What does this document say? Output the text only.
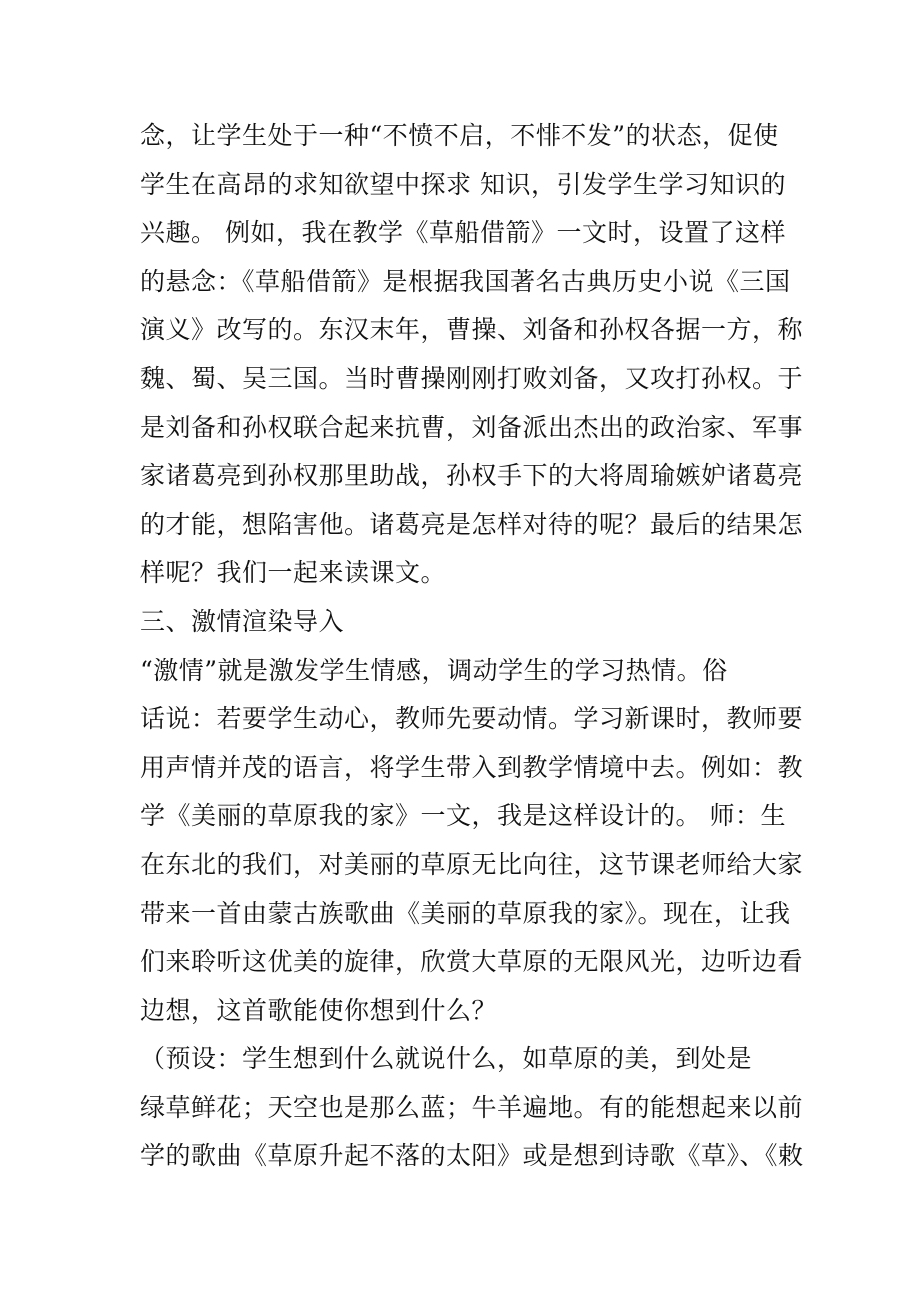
念，让学生处于一种“不愤不启，不悱不发”的状态，促使
学生在高昂的求知欲望中探求 知识，引发学生学习知识的
兴趣。 例如，我在教学《草船借箭》一文时，设置了这样
的悬念：《草船借箭》是根据我国著名古典历史小说《三国
演义》改写的。东汉末年，曹操、刘备和孙权各据一方，称
魏、蜀、吴三国。当时曹操刚刚打败刘备，又攻打孙权。于
是刘备和孙权联合起来抗曹，刘备派出杰出的政治家、军事
家诸葛亮到孙权那里助战，孙权手下的大将周瑜嫉妒诸葛亮
的才能，想陷害他。诸葛亮是怎样对待的呢？最后的结果怎
样呢？我们一起来读课文。
三、激情渲染导入
“激情”就是激发学生情感，调动学生的学习热情。俗
话说：若要学生动心，教师先要动情。学习新课时，教师要
用声情并茂的语言，将学生带入到教学情境中去。例如：教
学《美丽的草原我的家》一文，我是这样设计的。 师：生
在东北的我们，对美丽的草原无比向往，这节课老师给大家
带来一首由蒙古族歌曲《美丽的草原我的家》。现在，让我
们来聆听这优美的旋律，欣赏大草原的无限风光，边听边看
边想，这首歌能使你想到什么？
（预设：学生想到什么就说什么，如草原的美，到处是
绿草鲜花；天空也是那么蓝；牛羊遍地。有的能想起来以前
学的歌曲《草原升起不落的太阳》或是想到诗歌《草》、《敕
